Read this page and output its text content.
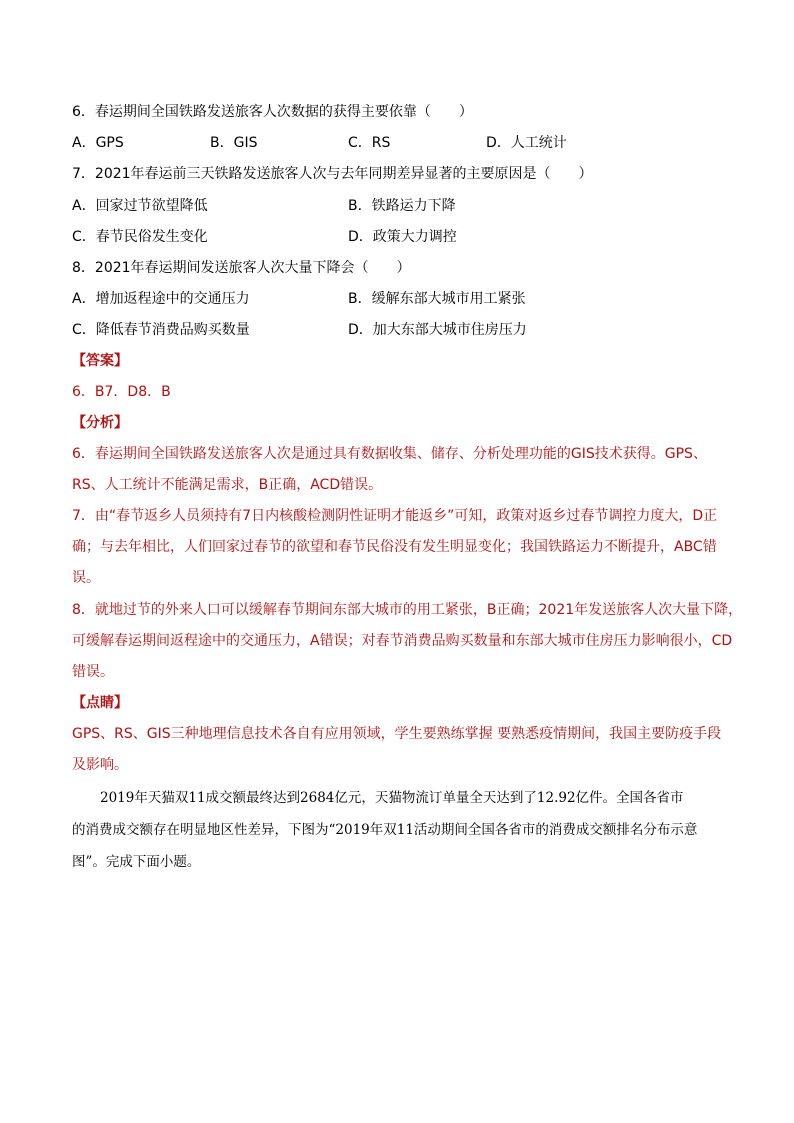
6．春运期间全国铁路发送旅客人次数据的获得主要依靠（　　）
A．GPS	B．GIS	C．RS	D．人工统计
7．2021年春运前三天铁路发送旅客人次与去年同期差异显著的主要原因是（　　）
A．回家过节欲望降低	B．铁路运力下降
C．春节民俗发生变化	D．政策大力调控
8．2021年春运期间发送旅客人次大量下降会（　　）
A．增加返程途中的交通压力	B．缓解东部大城市用工紧张
C．降低春节消费品购买数量	D．加大东部大城市住房压力
【答案】
6．B7．D8．B
【分析】
6．春运期间全国铁路发送旅客人次是通过具有数据收集、储存、分析处理功能的GIS技术获得。GPS、
RS、人工统计不能满足需求，B正确，ACD错误。
7．由“春节返乡人员须持有7日内核酸检测阴性证明才能返乡”可知，政策对返乡过春节调控力度大，D正
确；与去年相比，人们回家过春节的欲望和春节民俗没有发生明显变化；我国铁路运力不断提升，ABC错
误。
8．就地过节的外来人口可以缓解春节期间东部大城市的用工紧张，B正确；2021年发送旅客人次大量下降，
可缓解春运期间返程途中的交通压力，A错误；对春节消费品购买数量和东部大城市住房压力影响很小，CD
错误。
【点睛】
GPS、RS、GIS三种地理信息技术各自有应用领域，学生要熟练掌握 要熟悉疫情期间，我国主要防疫手段
及影响。
2019年天猫双11成交额最终达到2684亿元，天猫物流订单量全天达到了12.92亿件。全国各省市
的消费成交额存在明显地区性差异，下图为“2019年双11活动期间全国各省市的消费成交额排名分布示意
图”。完成下面小题。
